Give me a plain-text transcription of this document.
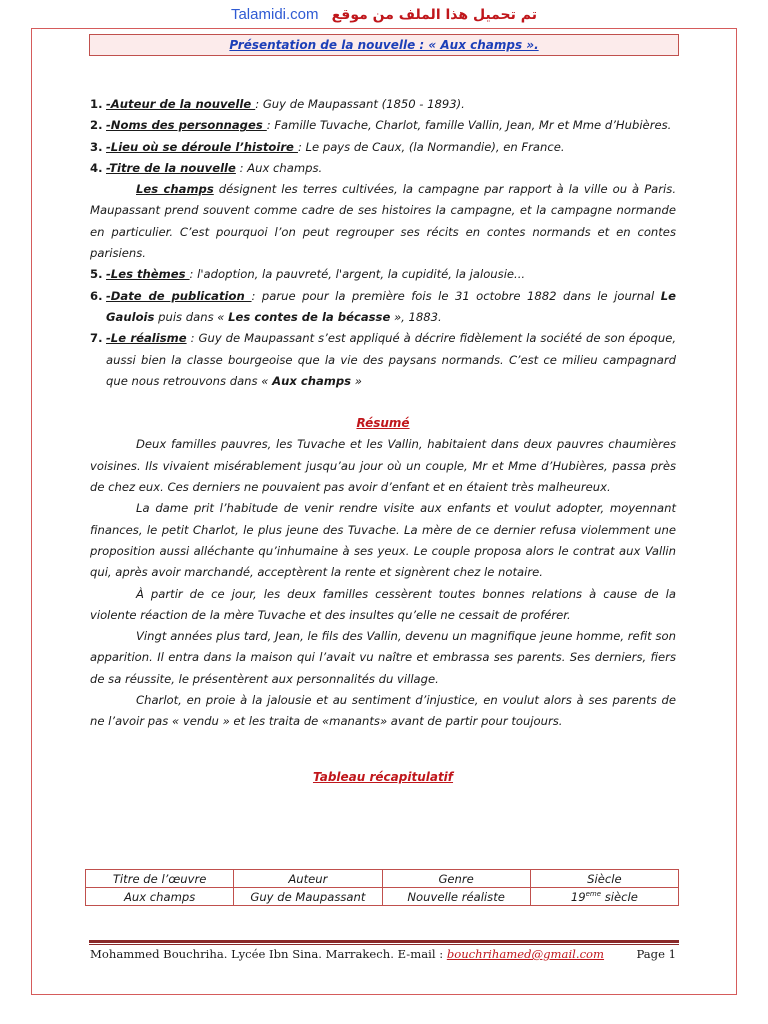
Talamidi.com تم تحميل هذا الملف من موقع
Présentation de la nouvelle : « Aux champs ».
1. -Auteur de la nouvelle : Guy de Maupassant (1850 - 1893).
2. -Noms des personnages : Famille Tuvache, Charlot, famille Vallin, Jean, Mr et Mme d’Hubières.
3. -Lieu où se déroule l’histoire : Le pays de Caux, (la Normandie), en France.
4. -Titre de la nouvelle : Aux champs.

Les champs désignent les terres cultivées, la campagne par rapport à la ville ou à Paris. Maupassant prend souvent comme cadre de ses histoires la campagne, et la campagne normande en particulier. C’est pourquoi l’on peut regrouper ses récits en contes normands et en contes parisiens.

5. -Les thèmes : l'adoption, la pauvreté, l'argent, la cupidité, la jalousie...
6. -Date de publication : parue pour la première fois le 31 octobre 1882 dans le journal Le Gaulois puis dans « Les contes de la bécasse », 1883.
7. -Le réalisme : Guy de Maupassant s’est appliqué à décrire fidèlement la société de son époque, aussi bien la classe bourgeoise que la vie des paysans normands. C’est ce milieu campagnard que nous retrouvons dans « Aux champs »

Résumé

Deux familles pauvres, les Tuvache et les Vallin, habitaient dans deux pauvres chaumières voisines. Ils vivaient misérablement jusqu’au jour où un couple, Mr et Mme d’Hubières, passa près de chez eux. Ces derniers ne pouvaient pas avoir d’enfant et en étaient très malheureux.

La dame prit l’habitude de venir rendre visite aux enfants et voulut adopter, moyennant finances, le petit Charlot, le plus jeune des Tuvache. La mère de ce dernier refusa violemment une proposition aussi alléchante qu’inhumaine à ses yeux. Le couple proposa alors le contrat aux Vallin qui, après avoir marchandé, acceptèrent la rente et signèrent chez le notaire.

À partir de ce jour, les deux familles cessèrent toutes bonnes relations à cause de la violente réaction de la mère Tuvache et des insultes qu’elle ne cessait de proférer.

Vingt années plus tard, Jean, le fils des Vallin, devenu un magnifique jeune homme, refit son apparition. Il entra dans la maison qui l’avait vu naître et embrassa ses parents. Ses derniers, fiers de sa réussite, le présentèrent aux personnalités du village.

Charlot, en proie à la jalousie et au sentiment d’injustice, en voulut alors à ses parents de ne l’avoir pas « vendu » et les traita de «manants» avant de partir pour toujours.

Tableau récapitulatif

Titre de l’œuvre	Auteur	Genre	Siècle
Aux champs	Guy de Maupassant	Nouvelle réaliste	19eme siècle
Mohammed Bouchriha. Lycée Ibn Sina. Marrakech. E-mail : bouchrihamed@gmail.com	Page 1
